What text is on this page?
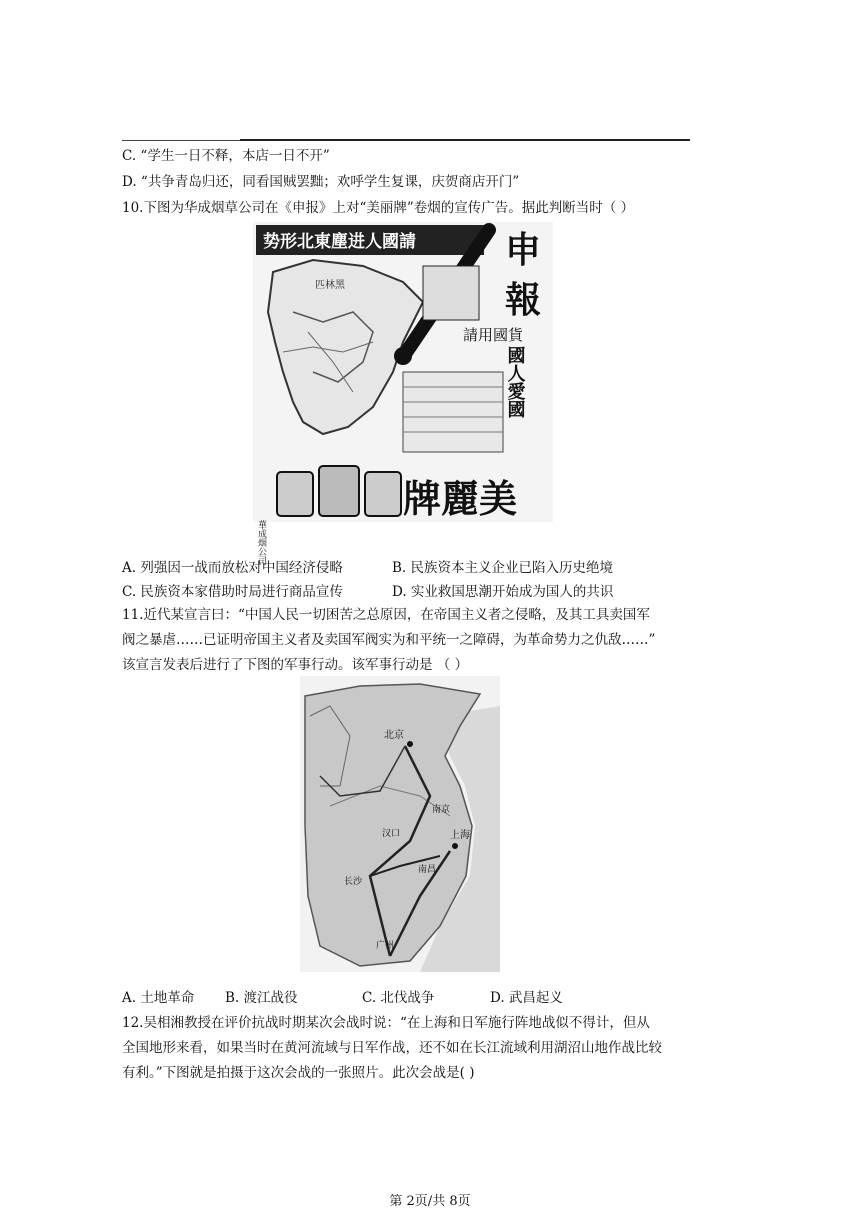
C. “学生一日不释，本店一日不开”
D. “共争青岛归还，同看国贼罢黜；欢呼学生复课，庆贺商店开门”
10.下图为华成烟草公司在《申报》上对“美丽牌”卷烟的宣传广告。据此判断当时（ ）
势形北東塵进人國請
匹林黑
申
報
國人愛國
請用國貨
華成烟公司
牌麗美
A. 列强因一战而放松对中国经济侵略	B. 民族资本主义企业已陷入历史绝境
C. 民族资本家借助时局进行商品宣传	D. 实业救国思潮开始成为国人的共识
11.近代某宣言曰：“中国人民一切困苦之总原因，在帝国主义者之侵略，及其工具卖国军
阀之暴虐……已证明帝国主义者及卖国军阀实为和平统一之障碍，为革命势力之仇敌……”
该宣言发表后进行了下图的军事行动。该军事行动是 （ ）
北京
上海
汉口
长沙
广州
南昌
南京
A. 土地革命 B. 渡江战役	C. 北伐战争	D. 武昌起义
12.吴相湘教授在评价抗战时期某次会战时说：“在上海和日军施行阵地战似不得计，但从
全国地形来看，如果当时在黄河流域与日军作战，还不如在长江流域利用湖沼山地作战比较
有利。”下图就是拍摄于这次会战的一张照片。此次会战是( )
第 2页/共 8页
